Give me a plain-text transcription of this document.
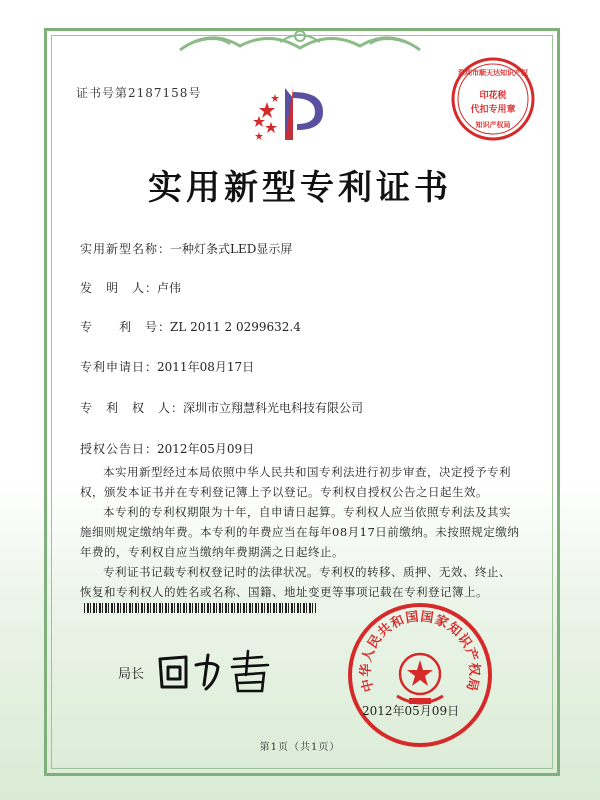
证书号第2187158号
深圳市顺天达知识产权
印花税
代扣专用章
知识产权局
实用新型专利证书
实用新型名称：一种灯条式LED显示屏
发　明　人：卢伟
专　　利　号：ZL 2011 2 0299632.4
专利申请日：2011年08月17日
专　利　权　人：深圳市立翔慧科光电科技有限公司
授权公告日：2012年05月09日

本实用新型经过本局依照中华人民共和国专利法进行初步审查，决定授予专利权，颁发本证书并在专利登记簿上予以登记。专利权自授权公告之日起生效。

本专利的专利权期限为十年，自申请日起算。专利权人应当依照专利法及其实施细则规定缴纳年费。本专利的年费应当在每年08月17日前缴纳。未按照规定缴纳年费的，专利权自应当缴纳年费期满之日起终止。

专利证书记载专利权登记时的法律状况。专利权的转移、质押、无效、终止、恢复和专利权人的姓名或名称、国籍、地址变更等事项记载在专利登记簿上。

局长
中华人民共和国国家知识产权局
2012年05月09日
第1页（共1页）
